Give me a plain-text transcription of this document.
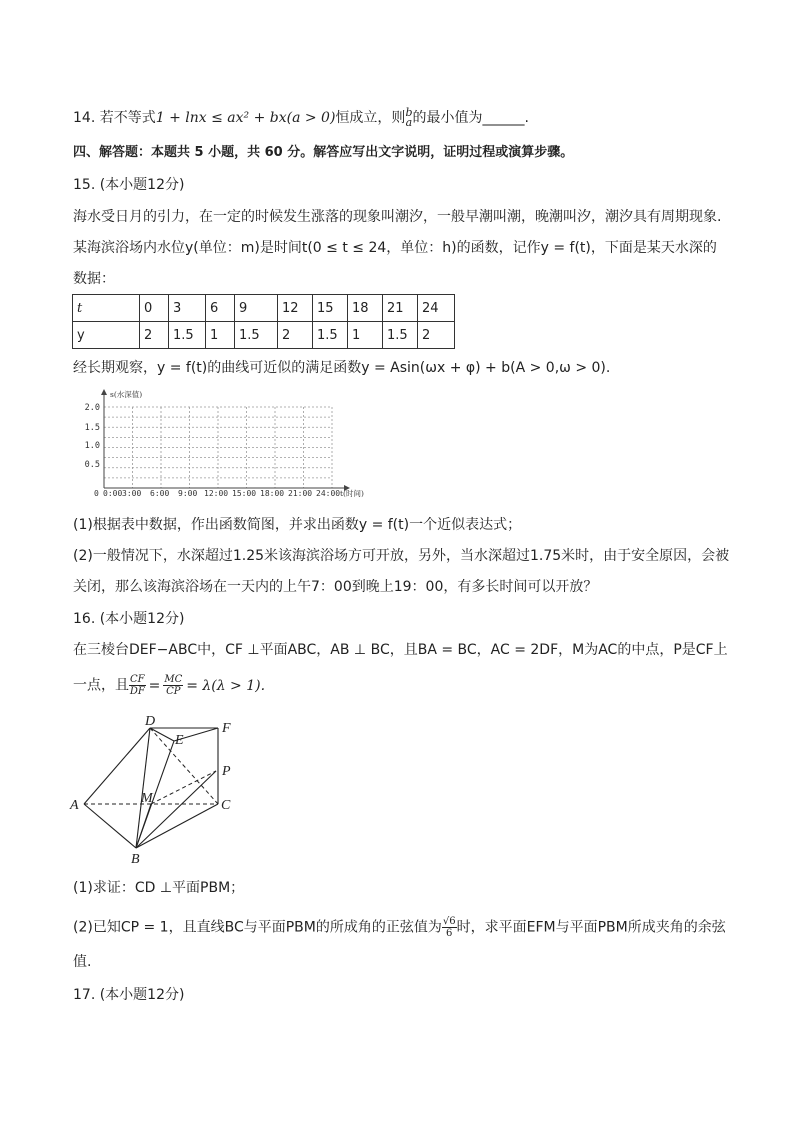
14. 若不等式1 + lnx ≤ ax² + bx(a > 0)恒成立，则 b
a 的最小值为______.
四、解答题：本题共 5 小题，共 60 分。解答应写出文字说明，证明过程或演算步骤。
15. (本小题12分)
海水受日月的引力，在一定的时候发生涨落的现象叫潮汐，一般早潮叫潮，晚潮叫汐，潮汐具有周期现象.
某海滨浴场内水位y(单位：m)是时间t(0 ≤ t ≤ 24，单位：h)的函数，记作y = f(t)，下面是某天水深的
数据：
t	0	3	6	9	12	15	18	21	24
y	2	1.5	1	1.5	2	1.5	1	1.5	2
经长期观察，y = f(t)的曲线可近似的满足函数y = Asin(ωx + φ) + b(A > 0,ω > 0).
s(水深值)
2.0
1.5
1.0
0.5
0 0:00 3:00 6:00 9:00 12:00 15:00 18:00 21:00 24:00 t(时间)
(1)根据表中数据，作出函数简图，并求出函数y = f(t)一个近似表达式；
(2)一般情况下，水深超过1.25米该海滨浴场方可开放，另外，当水深超过1.75米时，由于安全原因，会被
关闭，那么该海滨浴场在一天内的上午7：00到晚上19：00，有多长时间可以开放？
16. (本小题12分)
在三棱台DEF−ABC中，CF ⊥平面ABC，AB ⊥ BC，且BA = BC，AC = 2DF，M为AC的中点，P是CF上
一点，且 $\frac{CF}{DF} = \frac{MC}{CP} = \lambda(\lambda > 1)$.
D
E
F
P
A	M	C
B
(1)求证：CD ⊥平面PBM；
(2)已知CP = 1，且直线BC与平面PBM的所成角的正弦值为 $\frac{√6}{6}$ 时，求平面EFM与平面PBM所成夹角的余弦
值.
17. (本小题12分)
